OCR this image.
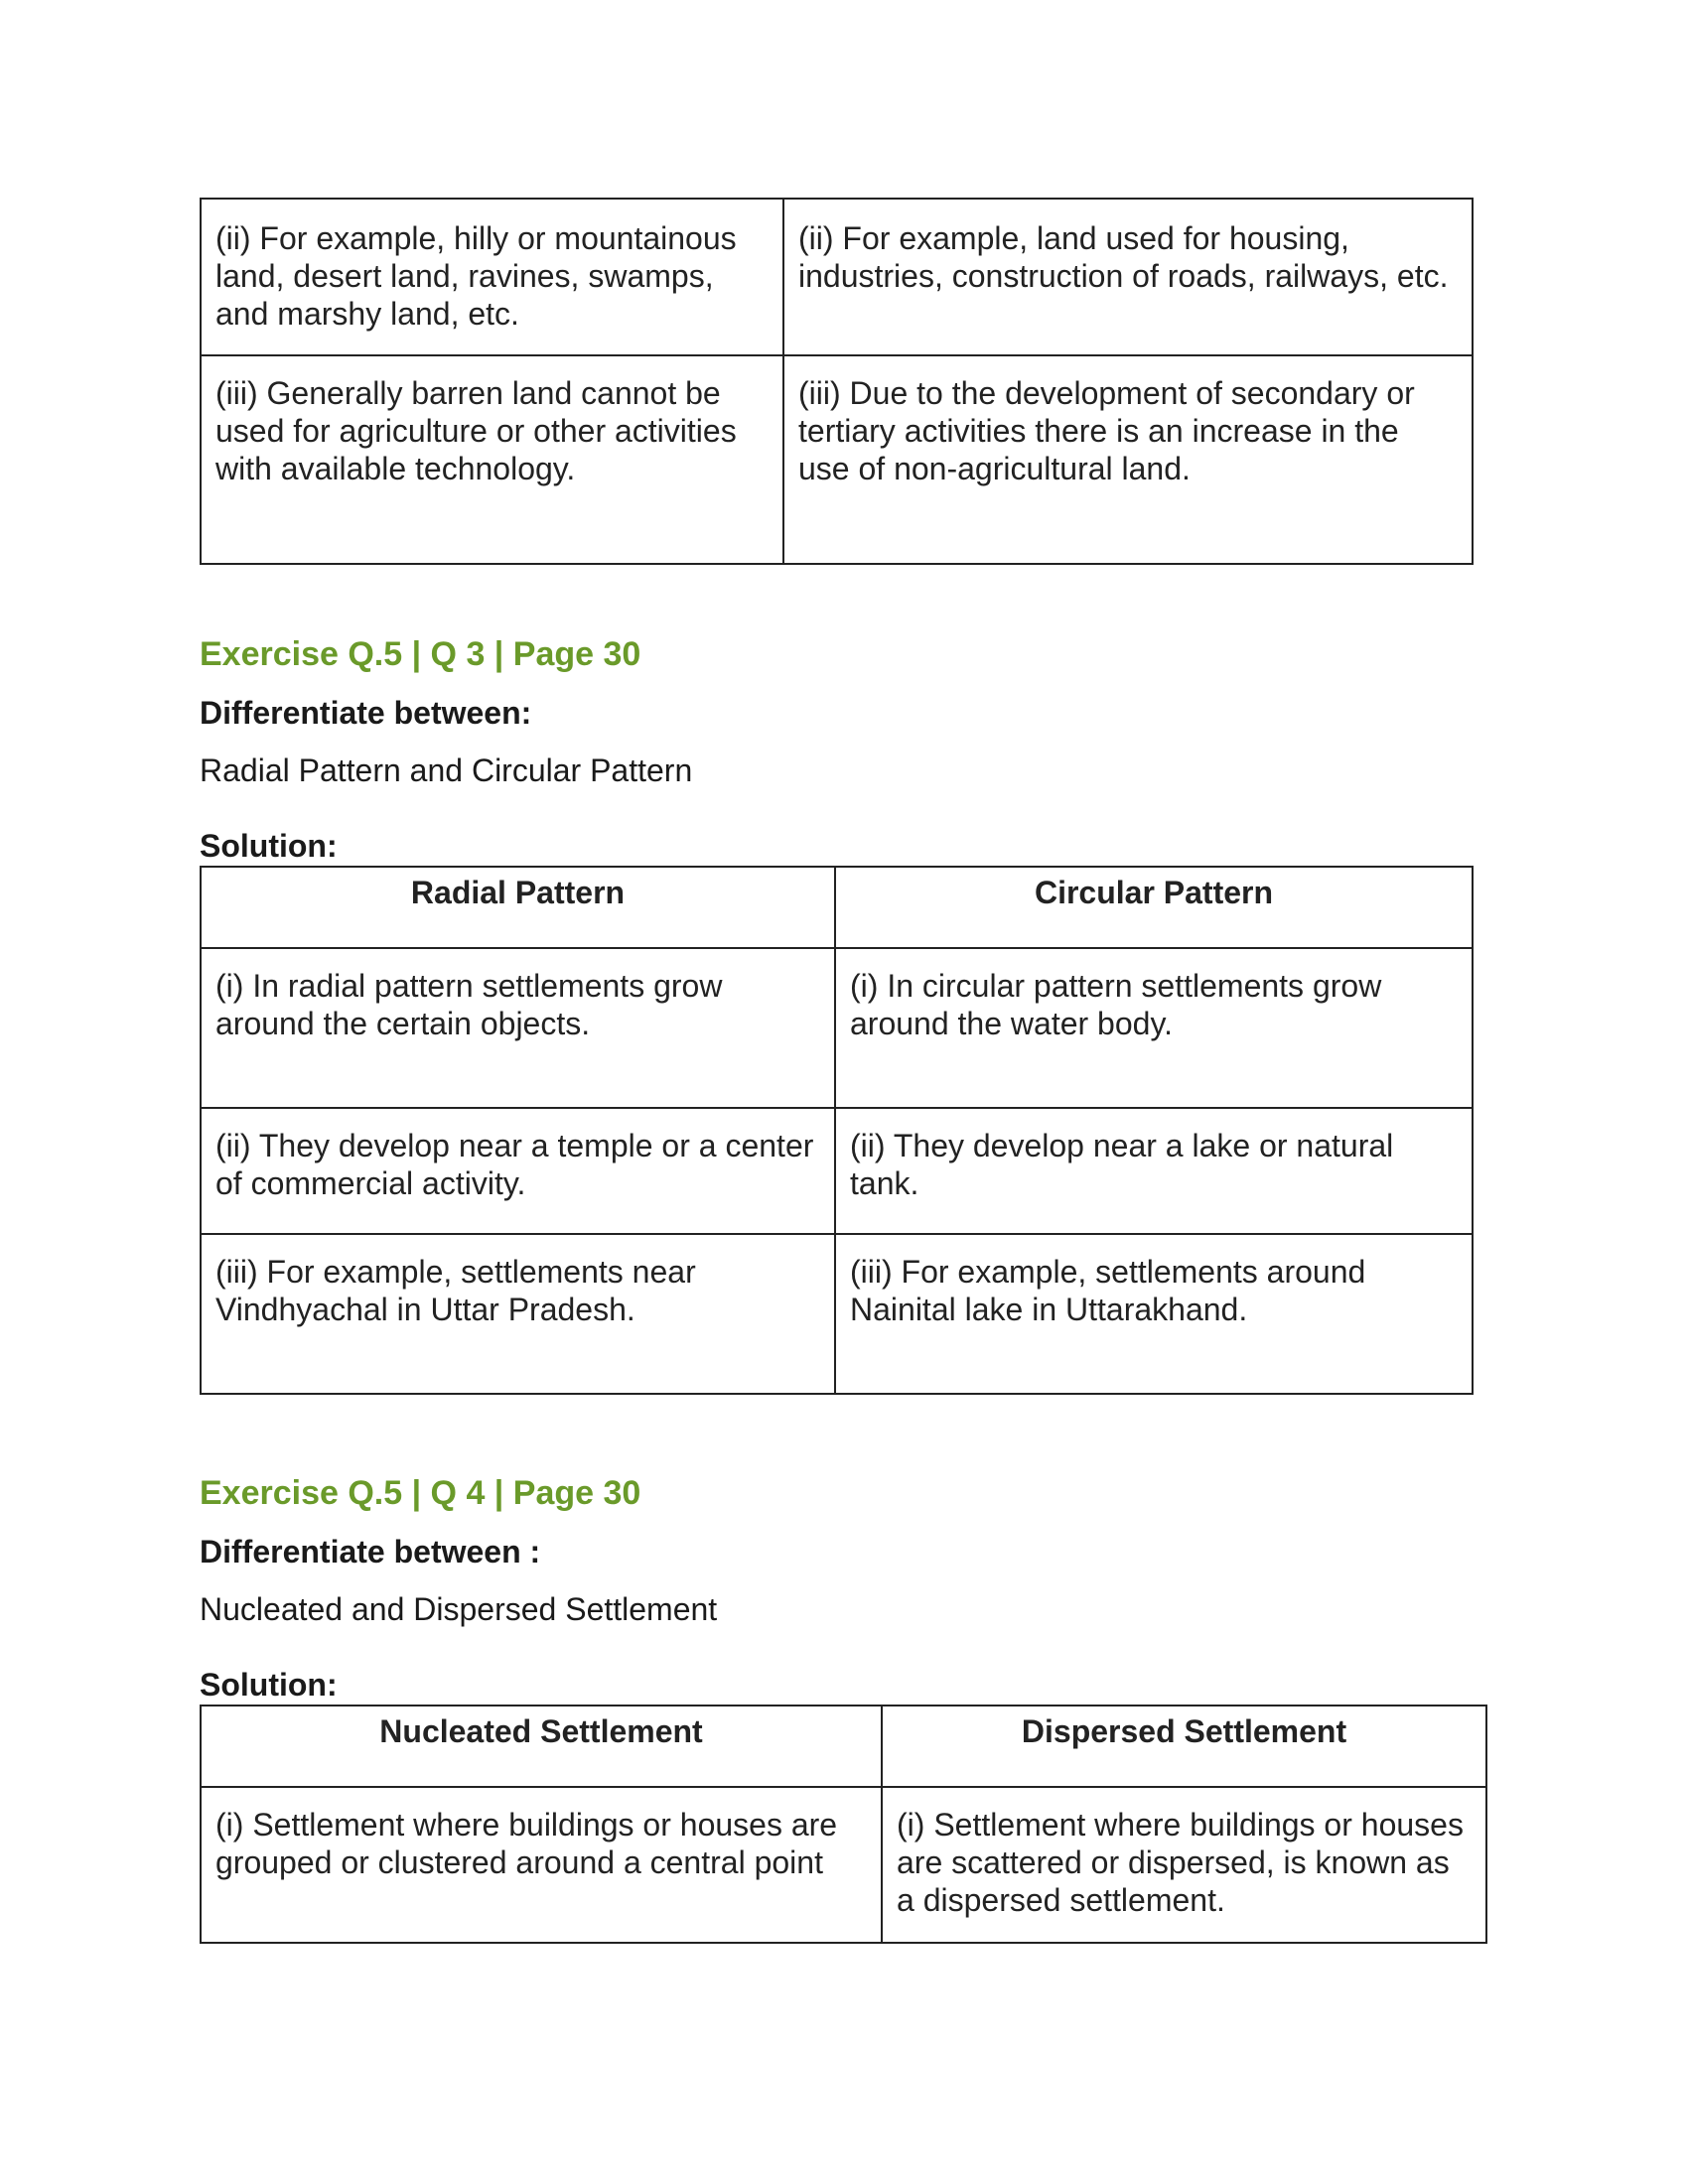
(ii) For example, hilly or mountainous land, desert land, ravines, swamps, and marshy land, etc.	(ii) For example, land used for housing, industries, construction of roads, railways, etc.
(iii) Generally barren land cannot be used for agriculture or other activities with available technology.	(iii) Due to the development of secondary or tertiary activities there is an increase in the use of non-agricultural land.
Exercise Q.5 | Q 3 | Page 30
Differentiate between:

Radial Pattern and Circular Pattern

Solution:

Radial Pattern	Circular Pattern
(i) In radial pattern settlements grow around the certain objects.	(i) In circular pattern settlements grow around the water body.
(ii) They develop near a temple or a center of commercial activity.	(ii) They develop near a lake or natural tank.
(iii) For example, settlements near Vindhyachal in Uttar Pradesh.	(iii) For example, settlements around Nainital lake in Uttarakhand.
Exercise Q.5 | Q 4 | Page 30
Differentiate between :

Nucleated and Dispersed Settlement

Solution:

Nucleated Settlement	Dispersed Settlement
(i) Settlement where buildings or houses are grouped or clustered around a central point	(i) Settlement where buildings or houses are scattered or dispersed, is known as a dispersed settlement.
